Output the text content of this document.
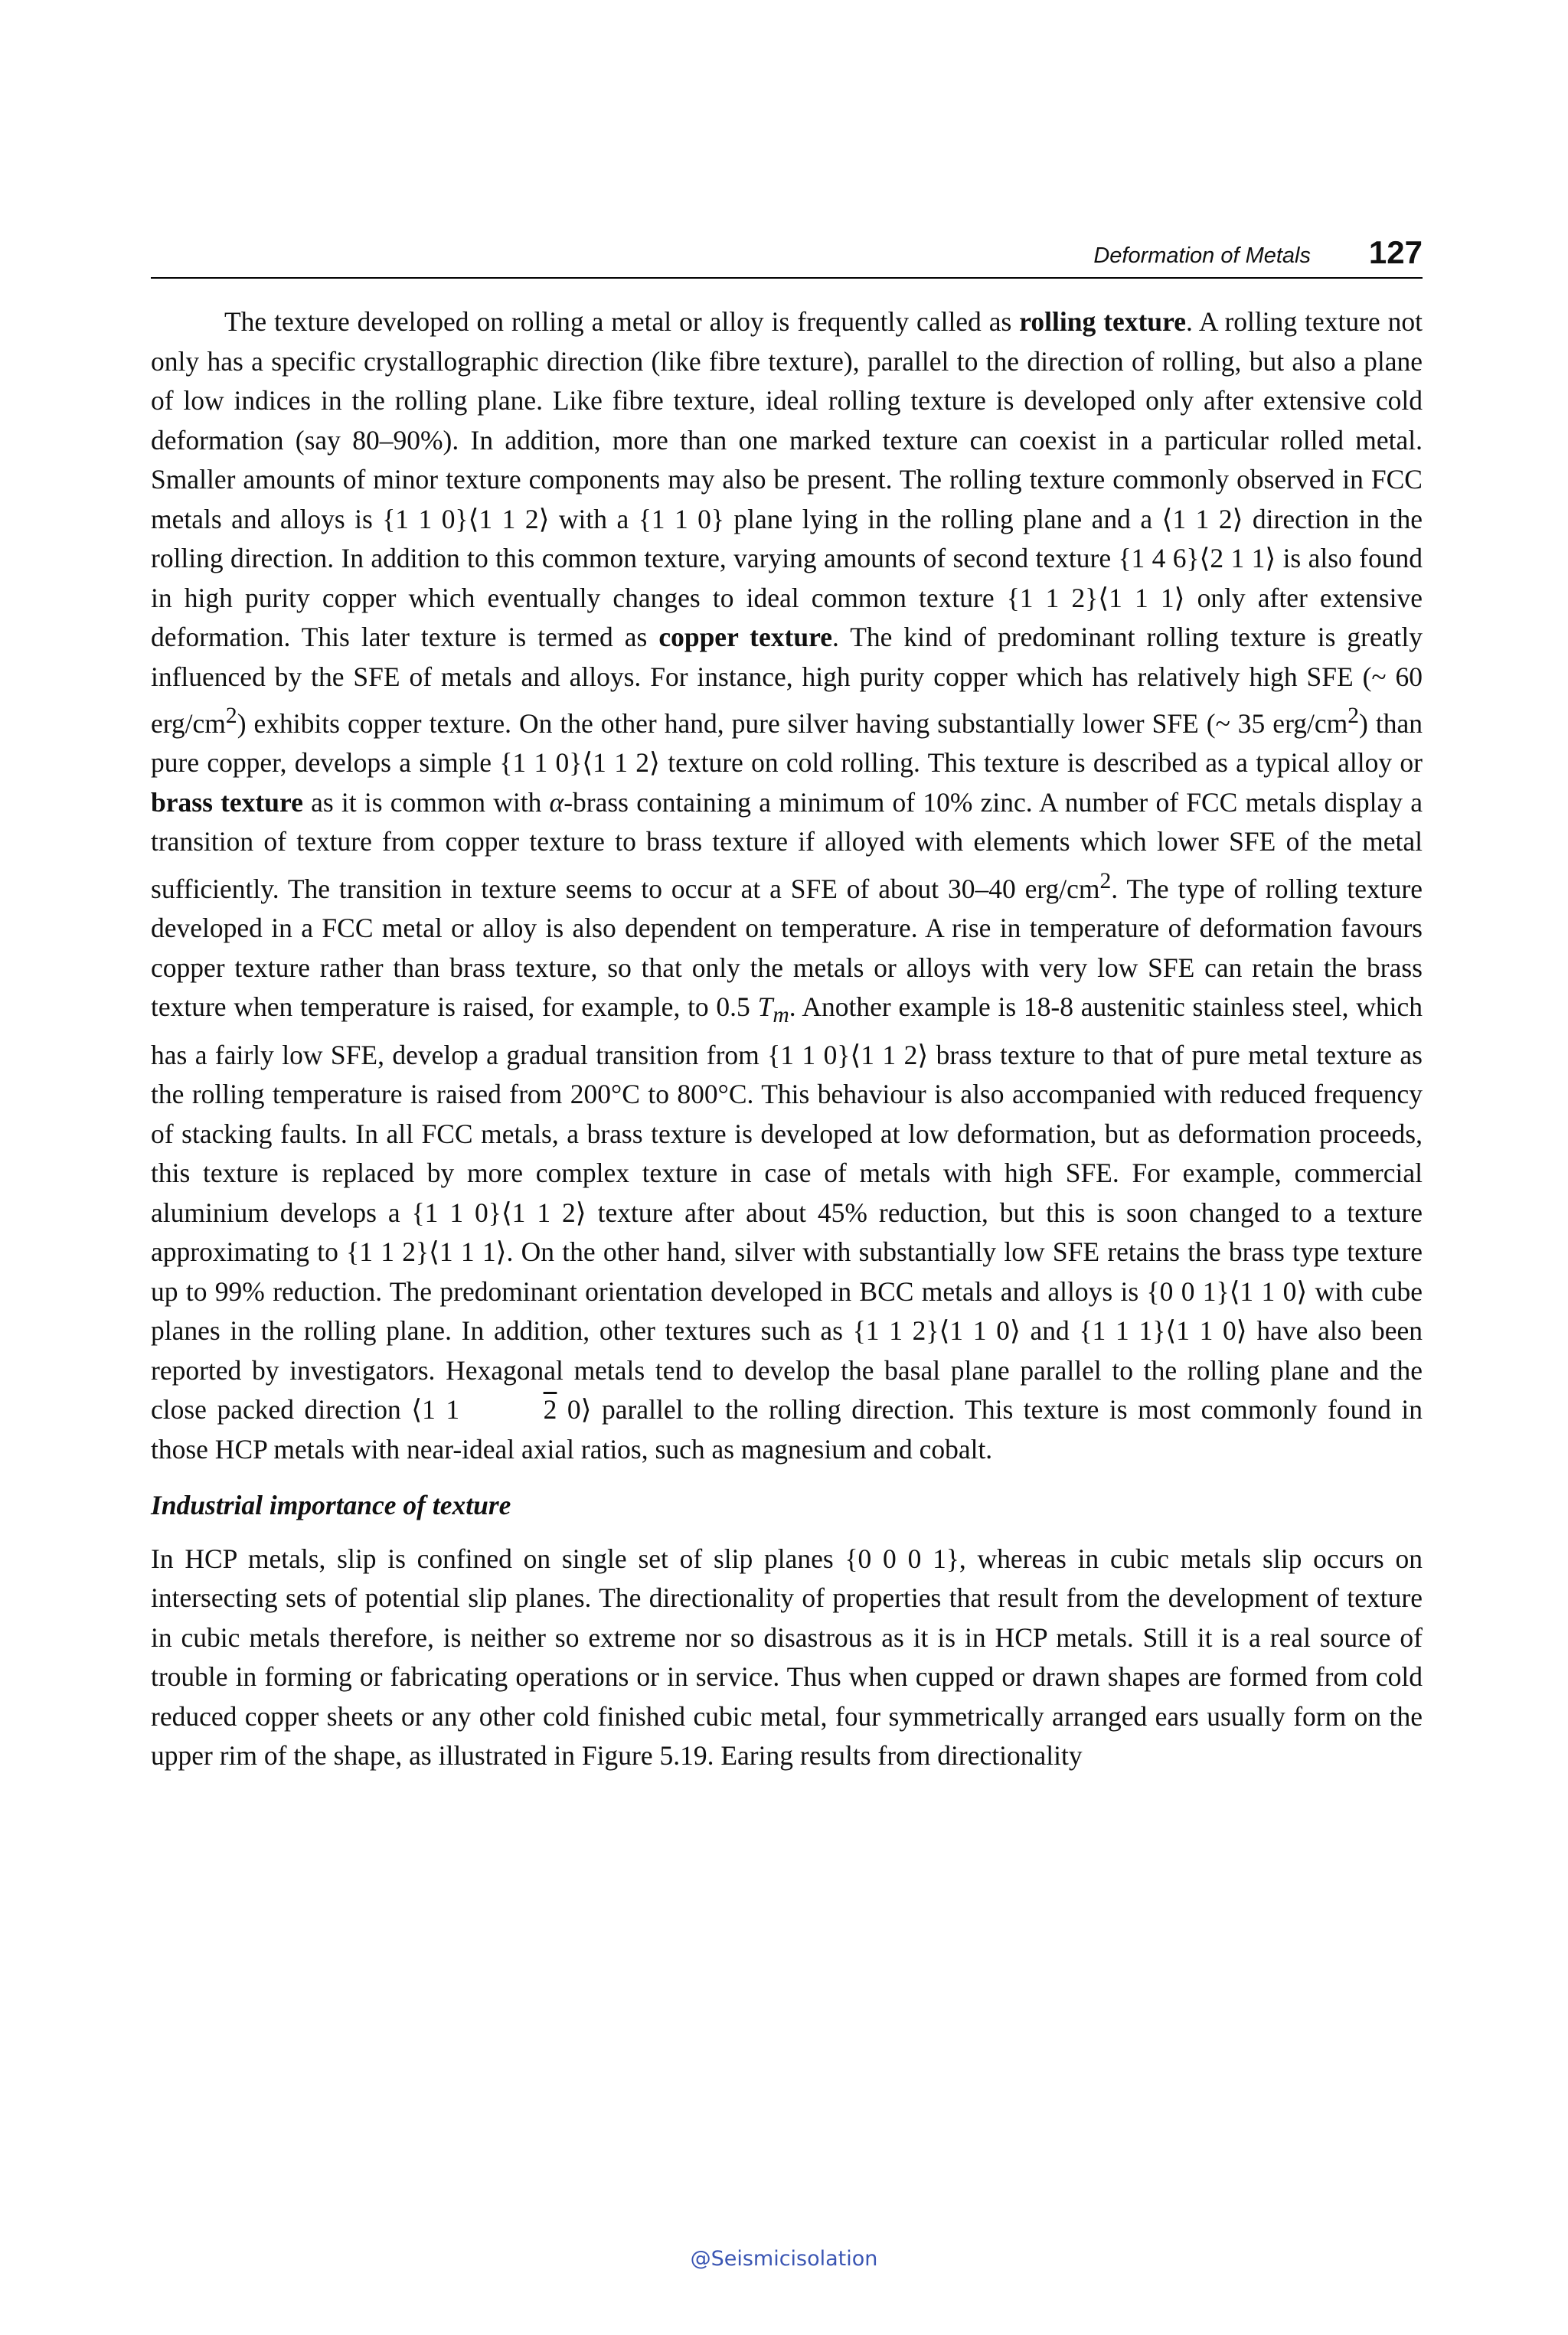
Deformation of Metals 127

The texture developed on rolling a metal or alloy is frequently called as rolling texture. A rolling texture not only has a specific crystallographic direction (like fibre texture), parallel to the direction of rolling, but also a plane of low indices in the rolling plane. Like fibre texture, ideal rolling texture is developed only after extensive cold deformation (say 80–90%). In addition, more than one marked texture can coexist in a particular rolled metal. Smaller amounts of minor texture components may also be present. The rolling texture commonly observed in FCC metals and alloys is {1 1 0}⟨1 1 2⟩ with a {1 1 0} plane lying in the rolling plane and a ⟨1 1 2⟩ direction in the rolling direction. In addition to this common texture, varying amounts of second texture {1 4 6}⟨2 1 1⟩ is also found in high purity copper which eventually changes to ideal common texture {1 1 2}⟨1 1 1⟩ only after extensive deformation. This later texture is termed as copper texture. The kind of predominant rolling texture is greatly influenced by the SFE of metals and alloys. For instance, high purity copper which has relatively high SFE (~ 60 erg/$cm^2$) exhibits copper texture. On the other hand, pure silver having substantially lower SFE (~ 35 erg/$cm^2$) than pure copper, develops a simple {1 1 0}⟨1 1 2⟩ texture on cold rolling. This texture is described as a typical alloy or brass texture as it is common with α-brass containing a minimum of 10% zinc. A number of FCC metals display a transition of texture from copper texture to brass texture if alloyed with elements which lower SFE of the metal sufficiently. The transition in texture seems to occur at a SFE of about 30–40 erg/$cm^2$. The type of rolling texture developed in a FCC metal or alloy is also dependent on temperature. A rise in temperature of deformation favours copper texture rather than brass texture, so that only the metals or alloys with very low SFE can retain the brass texture when temperature is raised, for example, to 0.5 $T_m$. Another example is 18-8 austenitic stainless steel, which has a fairly low SFE, develop a gradual transition from {1 1 0}⟨1 1 2⟩ brass texture to that of pure metal texture as the rolling temperature is raised from 200°C to 800°C. This behaviour is also accompanied with reduced frequency of stacking faults. In all FCC metals, a brass texture is developed at low deformation, but as deformation proceeds, this texture is replaced by more complex texture in case of metals with high SFE. For example, commercial aluminium develops a {1 1 0}⟨1 1 2⟩ texture after about 45% reduction, but this is soon changed to a texture approximating to {1 1 2}⟨1 1 1⟩. On the other hand, silver with substantially low SFE retains the brass type texture up to 99% reduction. The predominant orientation developed in BCC metals and alloys is {0 0 1}⟨1 1 0⟩ with cube planes in the rolling plane. In addition, other textures such as {1 1 2}⟨1 1 0⟩ and {1 1 1}⟨1 1 0⟩ have also been reported by investigators. Hexagonal metals tend to develop the basal plane parallel to the rolling plane and the close packed direction ⟨1 1	2 0⟩ parallel to the rolling direction. This texture is most commonly found in those HCP metals with near-ideal axial ratios, such as magnesium and cobalt.

Industrial importance of texture

In HCP metals, slip is confined on single set of slip planes {0 0 0 1}, whereas in cubic metals slip occurs on intersecting sets of potential slip planes. The directionality of properties that result from the development of texture in cubic metals therefore, is neither so extreme nor so disastrous as it is in HCP metals. Still it is a real source of trouble in forming or fabricating operations or in service. Thus when cupped or drawn shapes are formed from cold reduced copper sheets or any other cold finished cubic metal, four symmetrically arranged ears usually form on the upper rim of the shape, as illustrated in Figure 5.19. Earing results from directionality

@Seismicisolation
